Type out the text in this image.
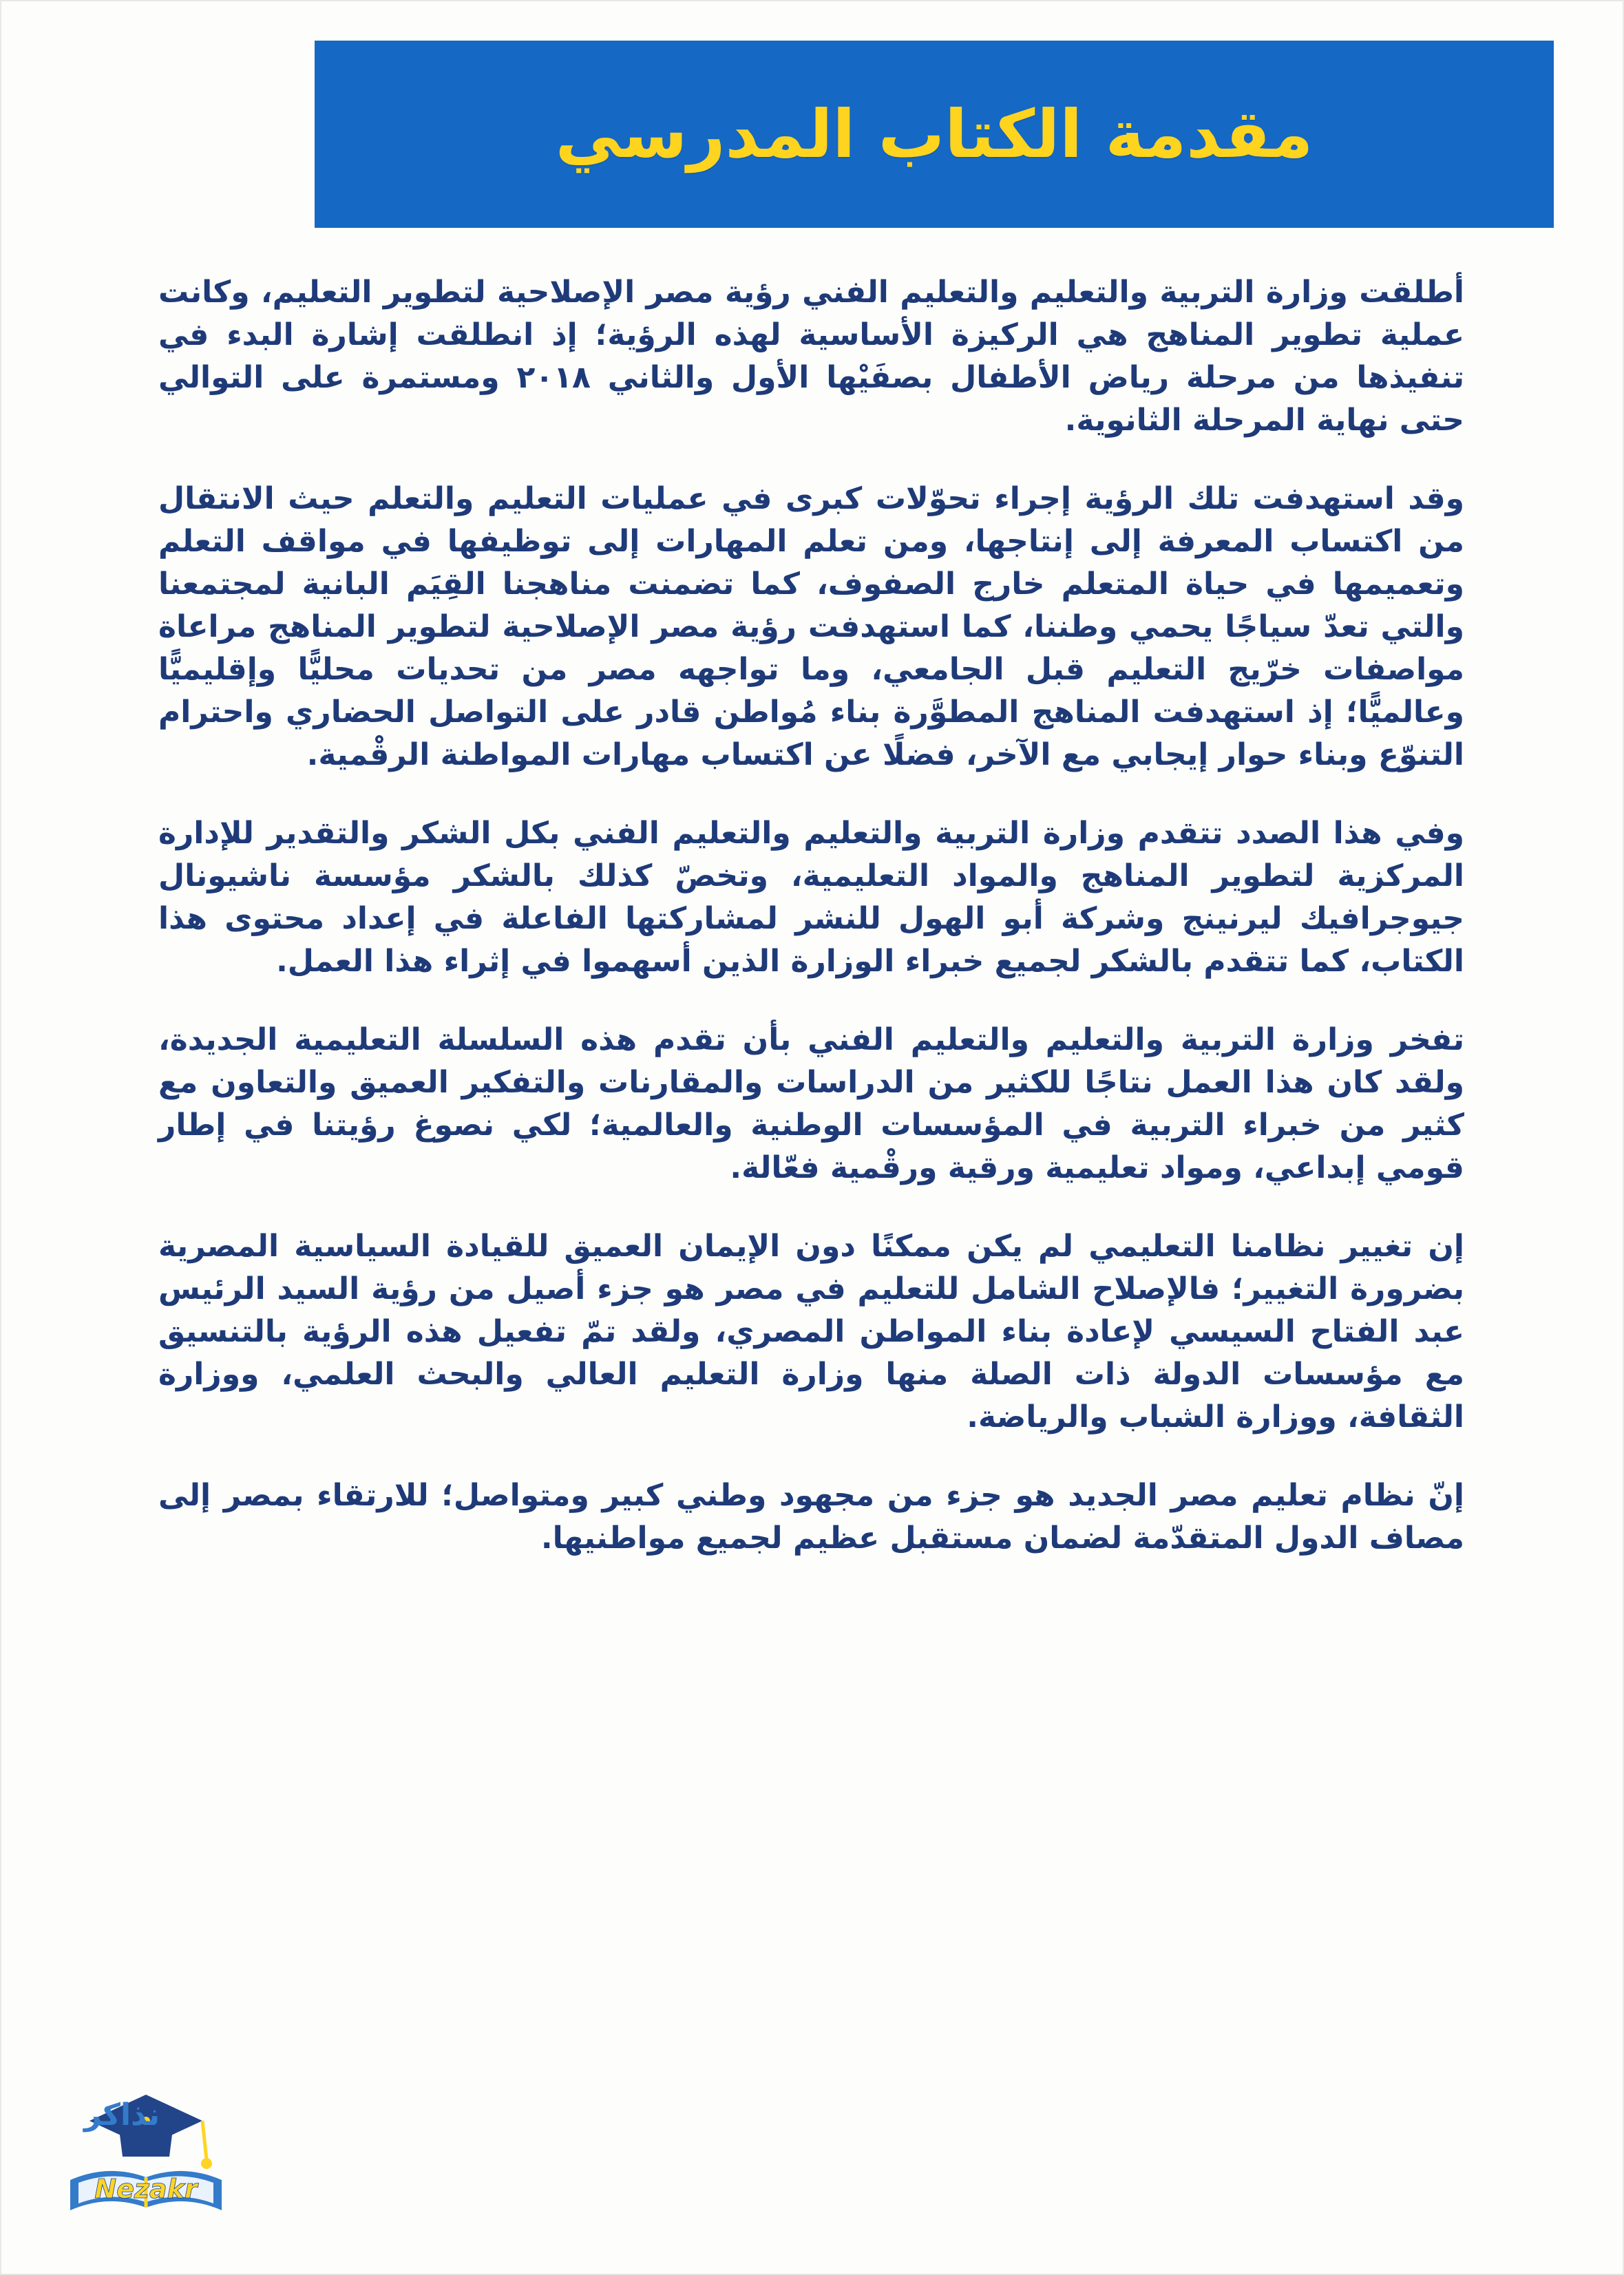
مقدمة الكتاب المدرسي

أطلقت وزارة التربية والتعليم والتعليم الفني رؤية مصر الإصلاحية لتطوير التعليم، وكانت عملية تطوير المناهج هي الركيزة الأساسية لهذه الرؤية؛ إذ انطلقت إشارة البدء في تنفيذها من مرحلة رياض الأطفال بصفَيْها الأول والثاني ٢٠١٨ ومستمرة على التوالي حتى نهاية المرحلة الثانوية.

وقد استهدفت تلك الرؤية إجراء تحوّلات كبرى في عمليات التعليم والتعلم حيث الانتقال من اكتساب المعرفة إلى إنتاجها، ومن تعلم المهارات إلى توظيفها في مواقف التعلم وتعميمها في حياة المتعلم خارج الصفوف، كما تضمنت مناهجنا القِيَم البانية لمجتمعنا والتي تعدّ سياجًا يحمي وطننا، كما استهدفت رؤية مصر الإصلاحية لتطوير المناهج مراعاة مواصفات خرّيج التعليم قبل الجامعي، وما تواجهه مصر من تحديات محليًّا وإقليميًّا وعالميًّا؛ إذ استهدفت المناهج المطوَّرة بناء مُواطن قادر على التواصل الحضاري واحترام التنوّع وبناء حوار إيجابي مع الآخر، فضلًا عن اكتساب مهارات المواطنة الرقْمية.

وفي هذا الصدد تتقدم وزارة التربية والتعليم والتعليم الفني بكل الشكر والتقدير للإدارة المركزية لتطوير المناهج والمواد التعليمية، وتخصّ كذلك بالشكر مؤسسة ناشيونال جيوجرافيك ليرنينج وشركة أبو الهول للنشر لمشاركتها الفاعلة في إعداد محتوى هذا الكتاب، كما تتقدم بالشكر لجميع خبراء الوزارة الذين أسهموا في إثراء هذا العمل.

تفخر وزارة التربية والتعليم والتعليم الفني بأن تقدم هذه السلسلة التعليمية الجديدة، ولقد كان هذا العمل نتاجًا للكثير من الدراسات والمقارنات والتفكير العميق والتعاون مع كثير من خبراء التربية في المؤسسات الوطنية والعالمية؛ لكي نصوغ رؤيتنا في إطار قومي إبداعي، ومواد تعليمية ورقية ورقْمية فعّالة.

إن تغيير نظامنا التعليمي لم يكن ممكنًا دون الإيمان العميق للقيادة السياسية المصرية بضرورة التغيير؛ فالإصلاح الشامل للتعليم في مصر هو جزء أصيل من رؤية السيد الرئيس عبد الفتاح السيسي لإعادة بناء المواطن المصري، ولقد تمّ تفعيل هذه الرؤية بالتنسيق مع مؤسسات الدولة ذات الصلة منها وزارة التعليم العالي والبحث العلمي، ووزارة الثقافة، ووزارة الشباب والرياضة.

إنّ نظام تعليم مصر الجديد هو جزء من مجهود وطني كبير ومتواصل؛ للارتقاء بمصر إلى مصاف الدول المتقدّمة لضمان مستقبل عظيم لجميع مواطنيها.

نذاكر
Nezakr
